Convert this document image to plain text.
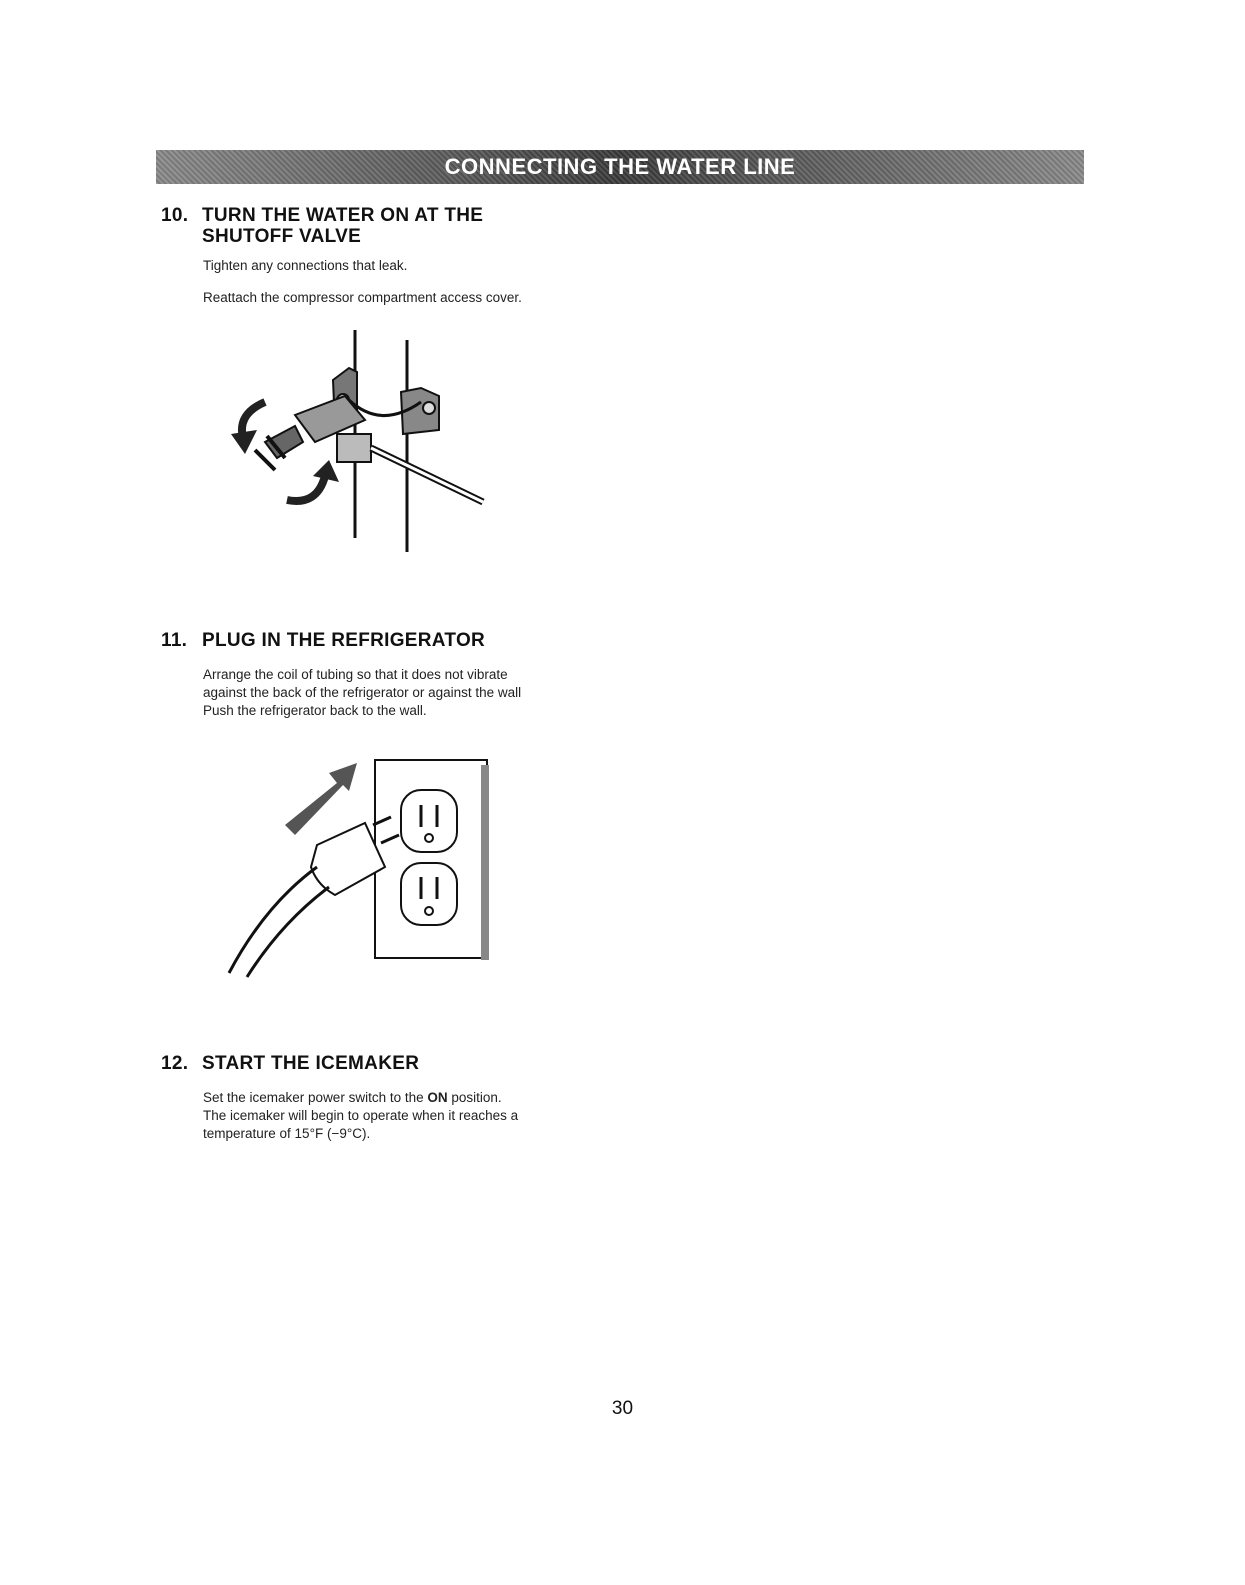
CONNECTING THE WATER LINE
10. TURN THE WATER ON AT THE
SHUTOFF VALVE

Tighten any connections that leak.

Reattach the compressor compartment access cover.

11. PLUG IN THE REFRIGERATOR

Arrange the coil of tubing so that it does not vibrate
against the back of the refrigerator or against the wall
Push the refrigerator back to the wall.

12. START THE ICEMAKER

Set the icemaker power switch to the ON position.
The icemaker will begin to operate when it reaches a
temperature of 15°F (−9°C).

30
